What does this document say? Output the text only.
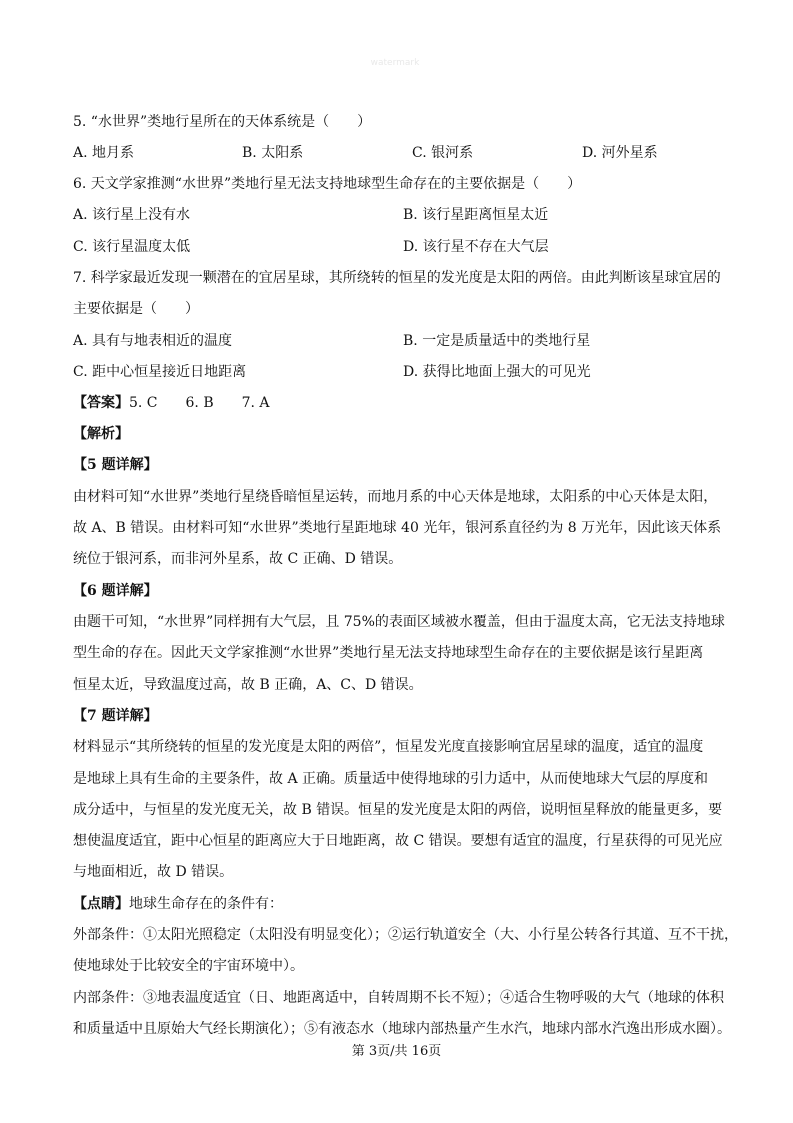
watermark
5. “水世界”类地行星所在的天体系统是（　　）
A. 地月系	B. 太阳系	C. 银河系	D. 河外星系
6. 天文学家推测“水世界”类地行星无法支持地球型生命存在的主要依据是（　　）
A. 该行星上没有水	B. 该行星距离恒星太近
C. 该行星温度太低	D. 该行星不存在大气层
7. 科学家最近发现一颗潜在的宜居星球，其所绕转的恒星的发光度是太阳的两倍。由此判断该星球宜居的
主要依据是（　　）
A. 具有与地表相近的温度	B. 一定是质量适中的类地行星
C. 距中心恒星接近日地距离	D. 获得比地面上强大的可见光
【答案】5. C　　6. B　　7. A
【解析】
【5 题详解】
由材料可知“水世界”类地行星绕昏暗恒星运转，而地月系的中心天体是地球，太阳系的中心天体是太阳，
故 A、B 错误。由材料可知“水世界”类地行星距地球 40 光年，银河系直径约为 8 万光年，因此该天体系
统位于银河系，而非河外星系，故 C 正确、D 错误。
【6 题详解】
由题干可知，“水世界”同样拥有大气层，且 75%的表面区域被水覆盖，但由于温度太高，它无法支持地球
型生命的存在。因此天文学家推测“水世界”类地行星无法支持地球型生命存在的主要依据是该行星距离
恒星太近，导致温度过高，故 B 正确，A、C、D 错误。
【7 题详解】
材料显示“其所绕转的恒星的发光度是太阳的两倍”，恒星发光度直接影响宜居星球的温度，适宜的温度
是地球上具有生命的主要条件，故 A 正确。质量适中使得地球的引力适中，从而使地球大气层的厚度和
成分适中，与恒星的发光度无关，故 B 错误。恒星的发光度是太阳的两倍，说明恒星释放的能量更多，要
想使温度适宜，距中心恒星的距离应大于日地距离，故 C 错误。要想有适宜的温度，行星获得的可见光应
与地面相近，故 D 错误。
【点睛】地球生命存在的条件有：
外部条件：①太阳光照稳定（太阳没有明显变化）；②运行轨道安全（大、小行星公转各行其道、互不干扰，
使地球处于比较安全的宇宙环境中）。
内部条件：③地表温度适宜（日、地距离适中，自转周期不长不短）；④适合生物呼吸的大气（地球的体积
和质量适中且原始大气经长期演化）；⑤有液态水（地球内部热量产生水汽，地球内部水汽逸出形成水圈）。
第 3页/共 16页
